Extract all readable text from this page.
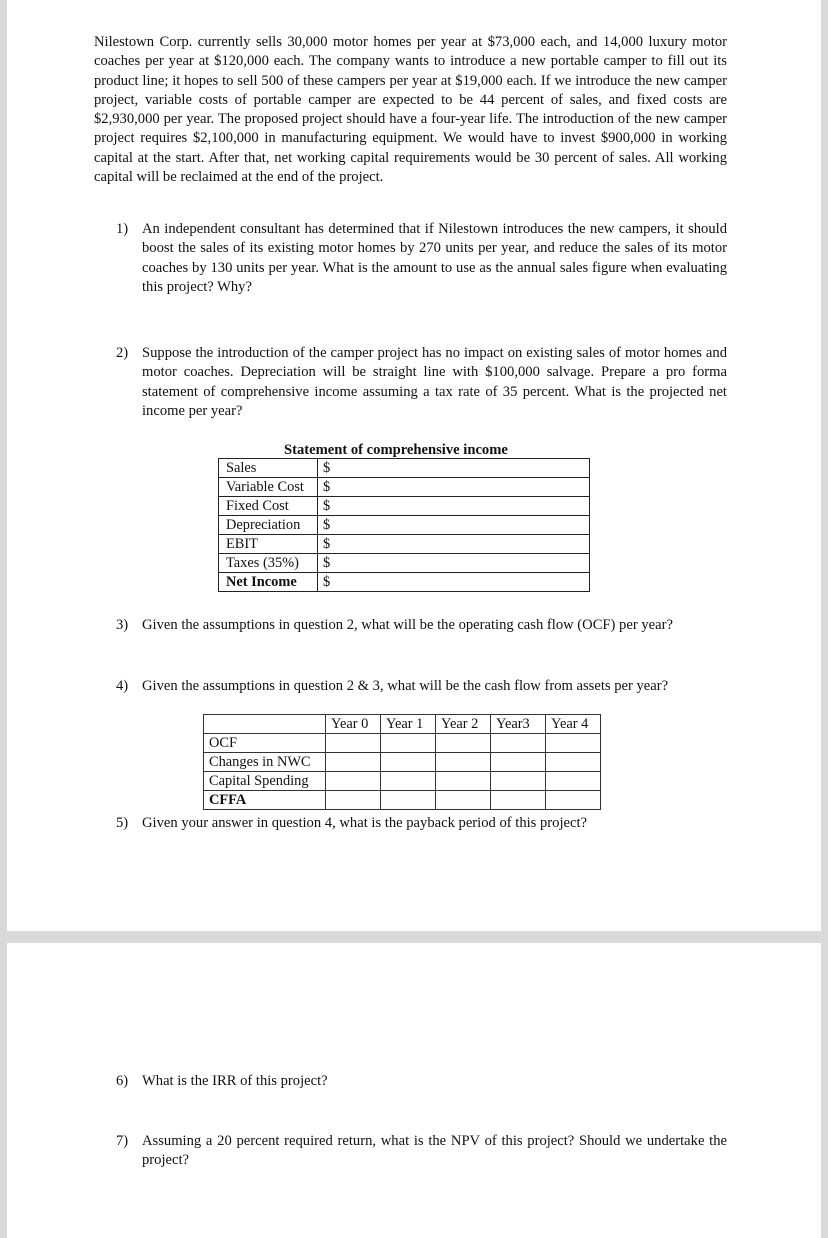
Nilestown Corp. currently sells 30,000 motor homes per year at $73,000 each, and 14,000 luxury motor coaches per year at $120,000 each. The company wants to introduce a new portable camper to fill out its product line; it hopes to sell 500 of these campers per year at $19,000 each. If we introduce the new camper project, variable costs of portable camper are expected to be 44 percent of sales, and fixed costs are $2,930,000 per year. The proposed project should have a four-year life. The introduction of the new camper project requires $2,100,000 in manufacturing equipment. We would have to invest $900,000 in working capital at the start. After that, net working capital requirements would be 30 percent of sales. All working capital will be reclaimed at the end of the project.

1) An independent consultant has determined that if Nilestown introduces the new campers, it should boost the sales of its existing motor homes by 270 units per year, and reduce the sales of its motor coaches by 130 units per year. What is the amount to use as the annual sales figure when evaluating this project? Why?
2) Suppose the introduction of the camper project has no impact on existing sales of motor homes and motor coaches. Depreciation will be straight line with $100,000 salvage. Prepare a pro forma statement of comprehensive income assuming a tax rate of 35 percent. What is the projected net income per year?

Statement of comprehensive income

Sales	$
Variable Cost	$
Fixed Cost	$
Depreciation	$
EBIT	$
Taxes (35%)	$
Net Income	$
3) Given the assumptions in question 2, what will be the operating cash flow (OCF) per year?
4) Given the assumptions in question 2 & 3, what will be the cash flow from assets per year?
	Year 0	Year 1	Year 2	Year3	Year 4
OCF					
Changes in NWC					
Capital Spending					
CFFA					
5) Given your answer in question 4, what is the payback period of this project?
6) What is the IRR of this project?
7) Assuming a 20 percent required return, what is the NPV of this project? Should we undertake the project?
